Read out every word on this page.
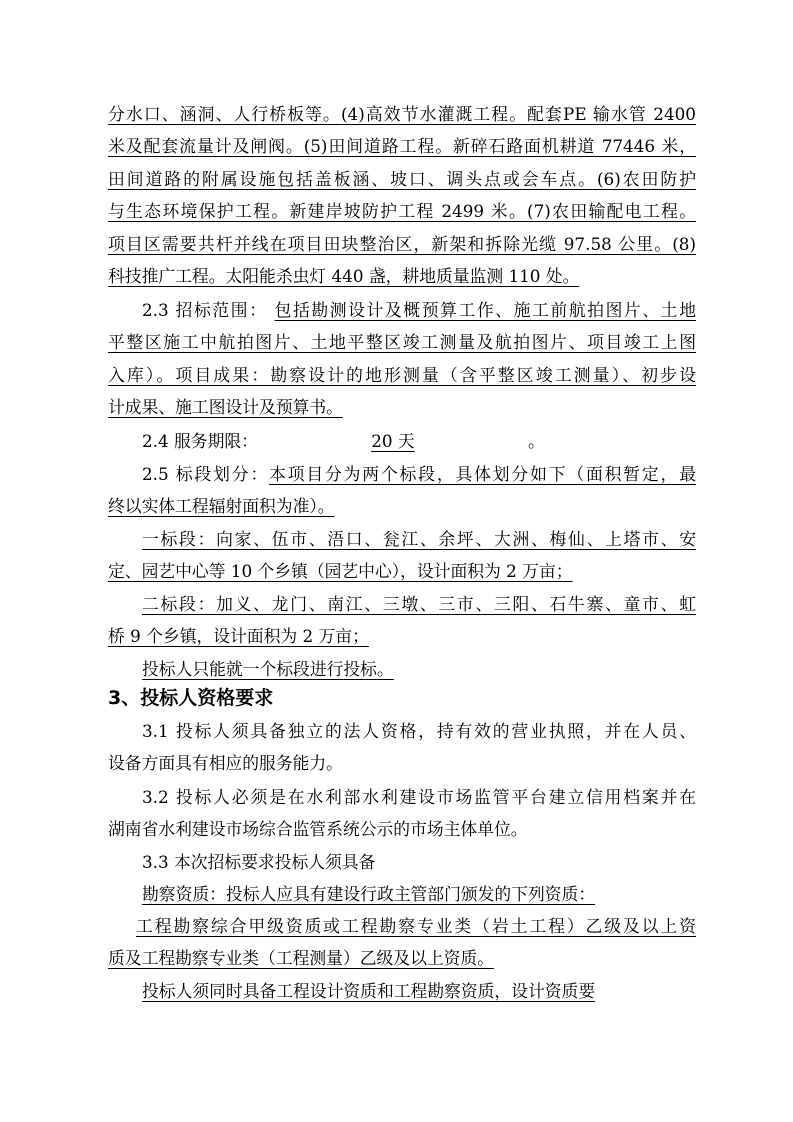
分水口、涵洞、人行桥板等。(4)高效节水灌溉工程。配套PE 输水管 2400
米及配套流量计及闸阀。(5)田间道路工程。新碎石路面机耕道 77446 米，
田间道路的附属设施包括盖板涵、坡口、调头点或会车点。(6)农田防护
与生态环境保护工程。新建岸坡防护工程 2499 米。(7)农田输配电工程。
项目区需要共杆并线在项目田块整治区，新架和拆除光缆 97.58 公里。(8)
科技推广工程。太阳能杀虫灯 440 盏，耕地质量监测 110 处。
2.3 招标范围： 包括勘测设计及概预算工作、施工前航拍图片、土地
平整区施工中航拍图片、土地平整区竣工测量及航拍图片、项目竣工上图
入库）。项目成果：勘察设计的地形测量（含平整区竣工测量）、初步设
计成果、施工图设计及预算书。
2.4 服务期限：	20 天	。
2.5 标段划分：本项目分为两个标段，具体划分如下（面积暂定，最
终以实体工程辐射面积为准）。
一标段：向家、伍市、浯口、瓮江、余坪、大洲、梅仙、上塔市、安
定、园艺中心等 10 个乡镇（园艺中心），设计面积为 2 万亩；
二标段：加义、龙门、南江、三墩、三市、三阳、石牛寨、童市、虹
桥 9 个乡镇，设计面积为 2 万亩；
投标人只能就一个标段进行投标。
3、投标人资格要求
3.1 投标人须具备独立的法人资格，持有效的营业执照，并在人员、
设备方面具有相应的服务能力。
3.2 投标人必须是在水利部水利建设市场监管平台建立信用档案并在
湖南省水利建设市场综合监管系统公示的市场主体单位。
3.3 本次招标要求投标人须具备
勘察资质：投标人应具有建设行政主管部门颁发的下列资质：
工程勘察综合甲级资质或工程勘察专业类（岩土工程）乙级及以上资
质及工程勘察专业类（工程测量）乙级及以上资质。
投标人须同时具备工程设计资质和工程勘察资质，设计资质要
